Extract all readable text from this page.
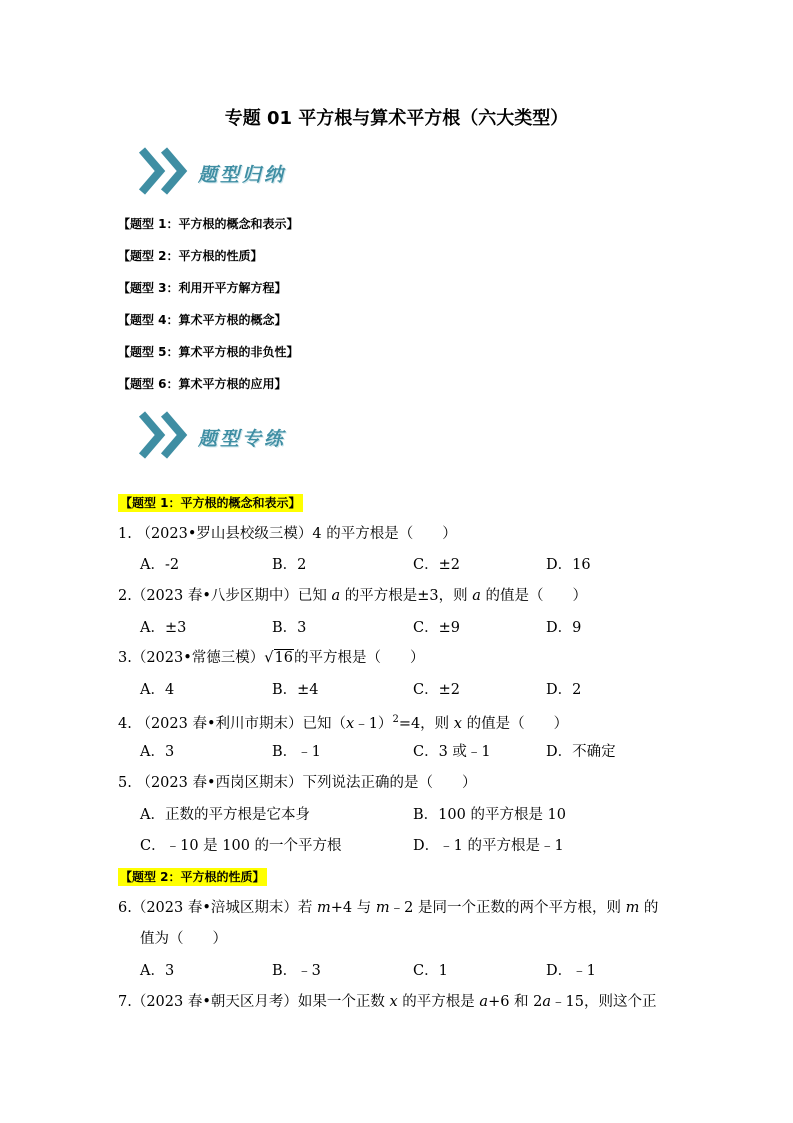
专题 01 平方根与算术平方根（六大类型）
题型归纳
【题型 1：平方根的概念和表示】
【题型 2：平方根的性质】
【题型 3：利用开平方解方程】
【题型 4：算术平方根的概念】
【题型 5：算术平方根的非负性】
【题型 6：算术平方根的应用】
题型专练
【题型 1：平方根的概念和表示】
1. （2023•罗山县校级三模）4 的平方根是（　　）
A．-2	B．2	C．±2	D．16
2.（2023 春•八步区期中）已知 a 的平方根是±3，则 a 的值是（　　）
A．±3	B．3	C．±9	D．9
3.（2023•常德三模）√16的平方根是（　　）
A．4	B．±4	C．±2	D．2
4. （2023 春•利川市期末）已知（x﹣1）$^2$=4，则 x 的值是（　　）
A．3	B．﹣1	C．3 或﹣1	D．不确定
5. （2023 春•西岗区期末）下列说法正确的是（　　）
A．正数的平方根是它本身	B．100 的平方根是 10
C．﹣10 是 100 的一个平方根	D．﹣1 的平方根是﹣1
【题型 2：平方根的性质】
6.（2023 春•涪城区期末）若 m+4 与 m﹣2 是同一个正数的两个平方根，则 m 的
值为（　　）
A．3	B．﹣3	C．1	D．﹣1
7.（2023 春•朝天区月考）如果一个正数 x 的平方根是 a+6 和 2a﹣15，则这个正
